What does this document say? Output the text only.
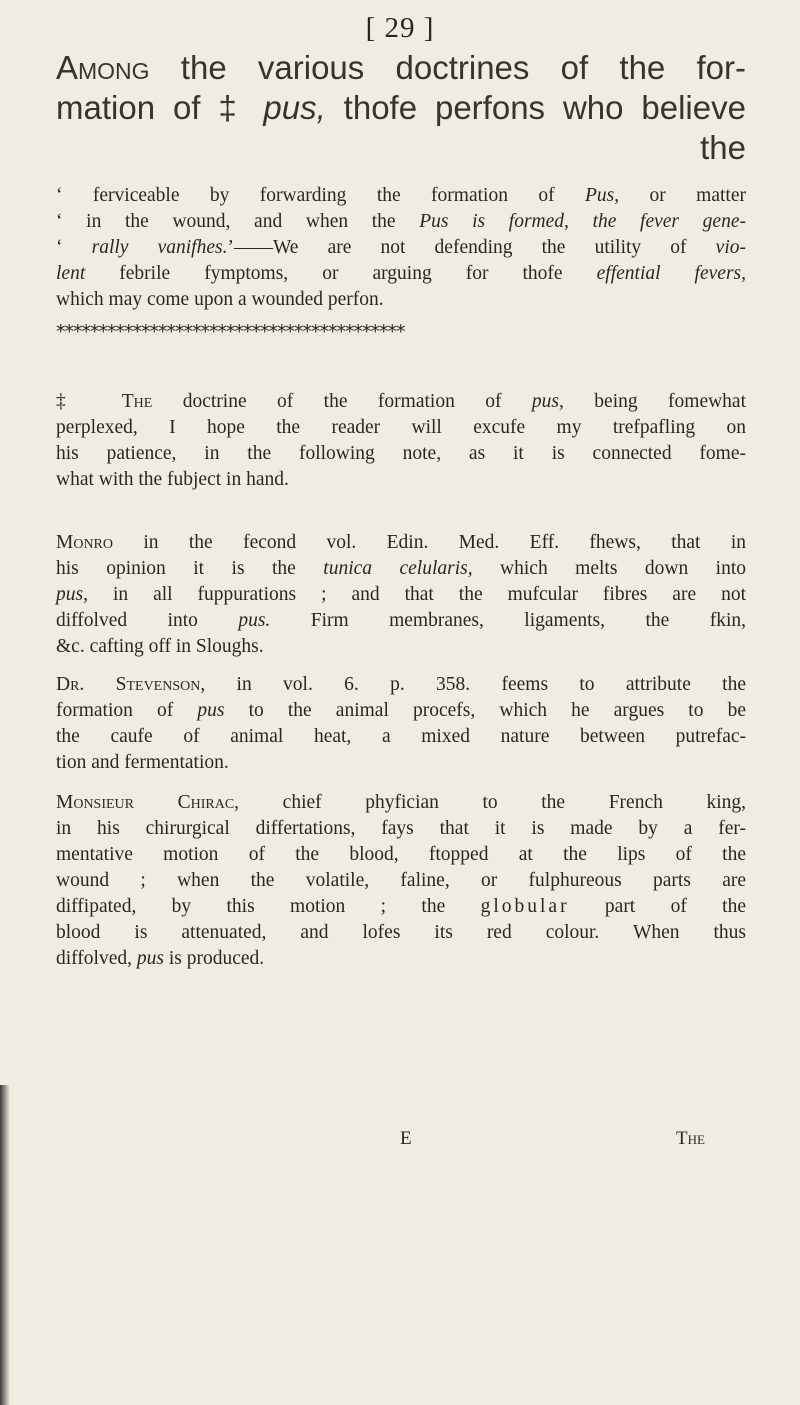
[ 29 ]
Among the various doctrines of the for-
mation of ‡ pus, thofe perfons who believe
the
‘ ferviceable by forwarding the formation of Pus, or matter
‘ in the wound, and when the Pus is formed, the fever gene-
‘ rally vanifhes.’——We are not defending the utility of vio-
lent febrile fymptoms, or arguing for thofe effential fevers,
which may come upon a wounded perfon.
*****************************************
‡ The doctrine of the formation of pus, being fomewhat
perplexed, I hope the reader will excufe my trefpafling on
his patience, in the following note, as it is connected fome-
what with the fubject in hand.
Monro in the fecond vol. Edin. Med. Eff. fhews, that in
his opinion it is the tunica celularis, which melts down into
pus, in all fuppurations ; and that the mufcular fibres are not
diffolved into pus. Firm membranes, ligaments, the fkin,
&c. cafting off in Sloughs.
Dr. Stevenson, in vol. 6. p. 358. feems to attribute the
formation of pus to the animal procefs, which he argues to be
the caufe of animal heat, a mixed nature between putrefac-
tion and fermentation.
Monsieur Chirac, chief phyfician to the French king,
in his chirurgical differtations, fays that it is made by a fer-
mentative motion of the blood, ftopped at the lips of the
wound ; when the volatile, faline, or fulphureous parts are
diffipated, by this motion ; the globular part of the
blood is attenuated, and lofes its red colour. When thus
diffolved, pus is produced.
E	The
